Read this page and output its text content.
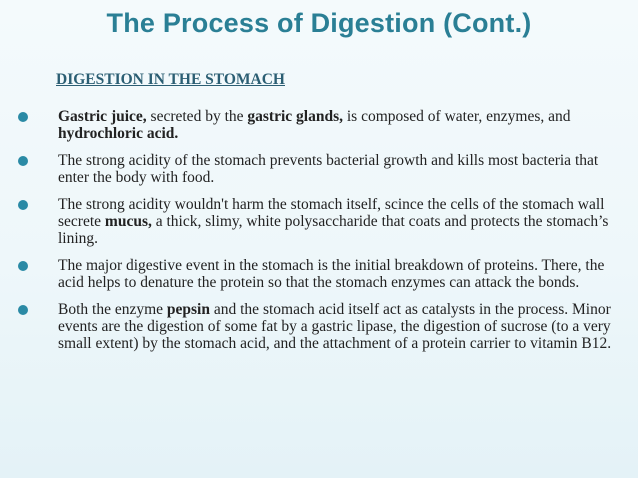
The Process of Digestion (Cont.)
DIGESTION IN THE STOMACH
Gastric juice, secreted by the gastric glands, is composed of water, enzymes, and hydrochloric acid.
The strong acidity of the stomach prevents bacterial growth and kills most bacteria that enter the body with food.
The strong acidity wouldn't harm the stomach itself, scince the cells of the stomach wall secrete mucus, a thick, slimy, white polysaccharide that coats and protects the stomach’s lining.
The major digestive event in the stomach is the initial breakdown of proteins. There, the acid helps to denature the protein so that the stomach enzymes can attack the bonds.
Both the enzyme pepsin and the stomach acid itself act as catalysts in the process. Minor events are the digestion of some fat by a gastric lipase, the digestion of sucrose (to a very small extent) by the stomach acid, and the attachment of a protein carrier to vitamin B12.
